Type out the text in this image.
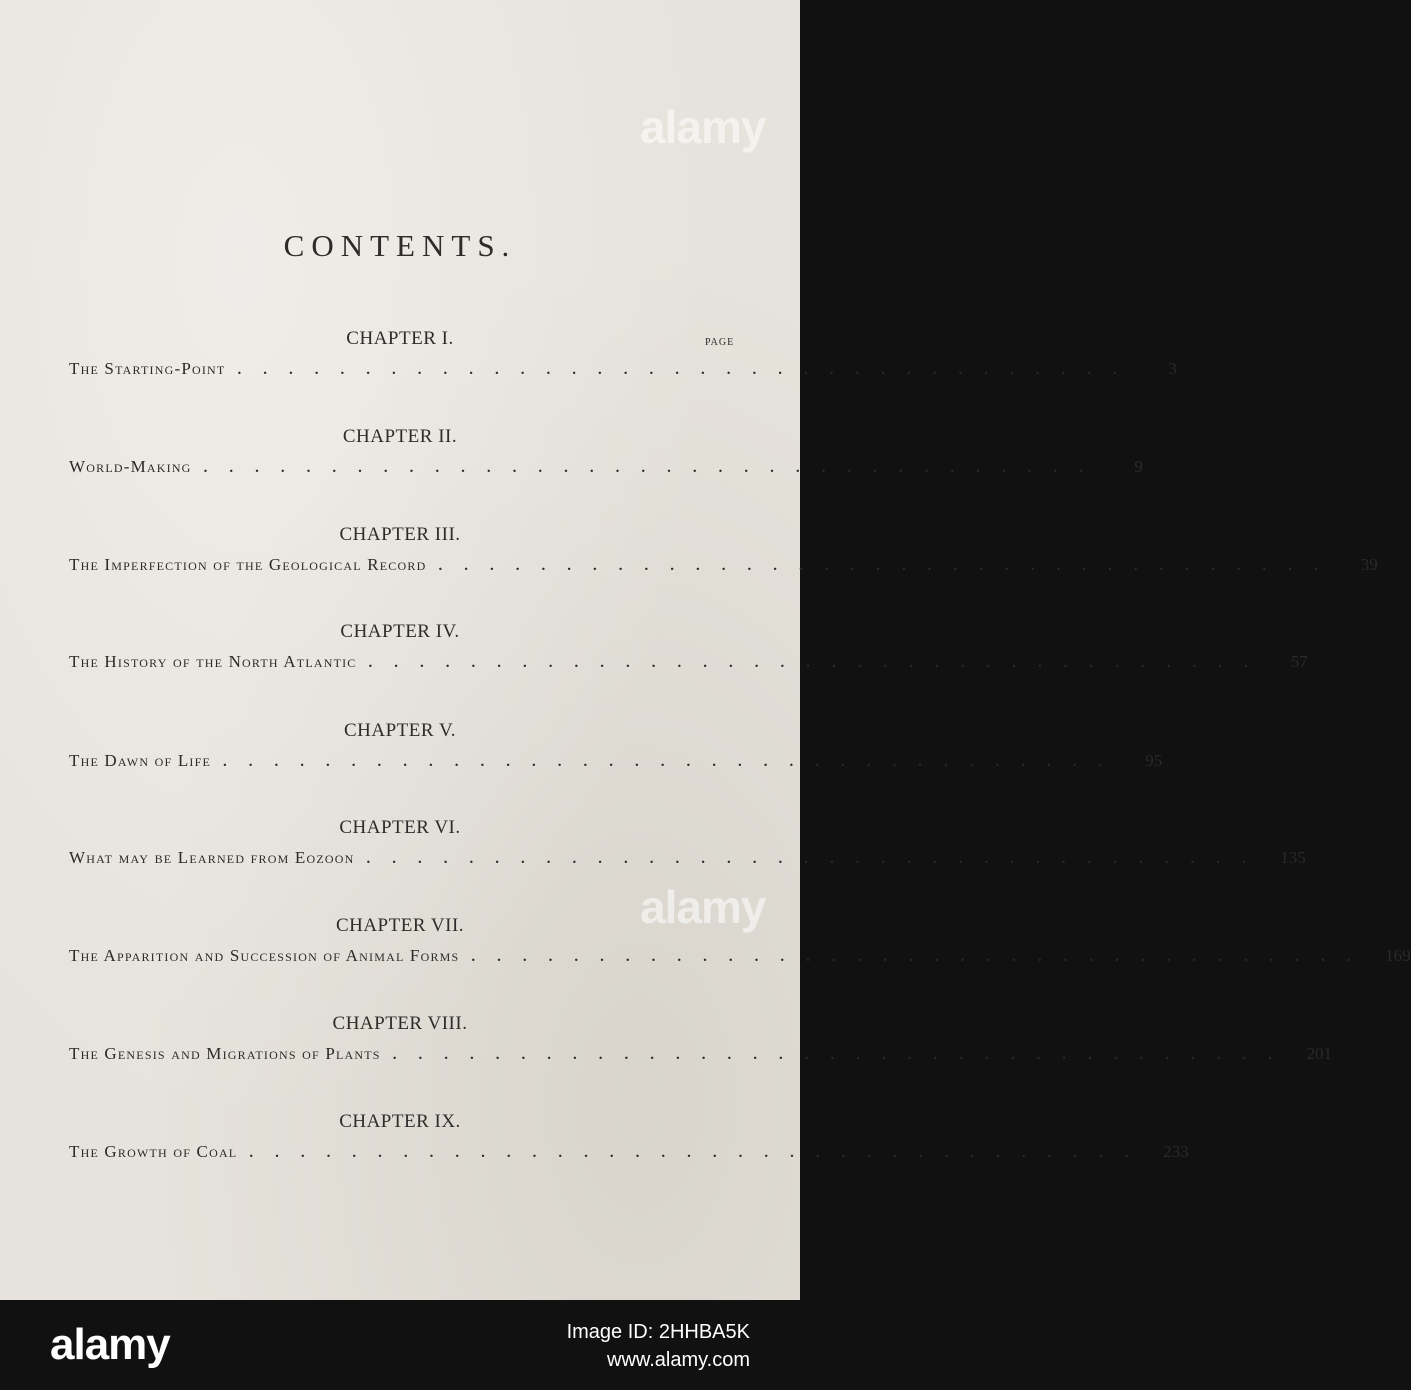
alamy
alamy
CONTENTS.
PAGE
CHAPTER I.
The Starting-Point ...................................	3
CHAPTER II.
World-Making ...................................	9
CHAPTER III.
The Imperfection of the Geological Record ...................................	39
CHAPTER IV.
The History of the North Atlantic ...................................	57
CHAPTER V.
The Dawn of Life ...................................	95
CHAPTER VI.
What may be Learned from Eozoon ................................... 135
CHAPTER VII.
The Apparition and Succession of Animal Forms ................................... 169
CHAPTER VIII.
The Genesis and Migrations of Plants ................................... 201
CHAPTER IX.
The Growth of Coal ................................... 233
alamy	Image ID: 2HHBA5K
www.alamy.com
